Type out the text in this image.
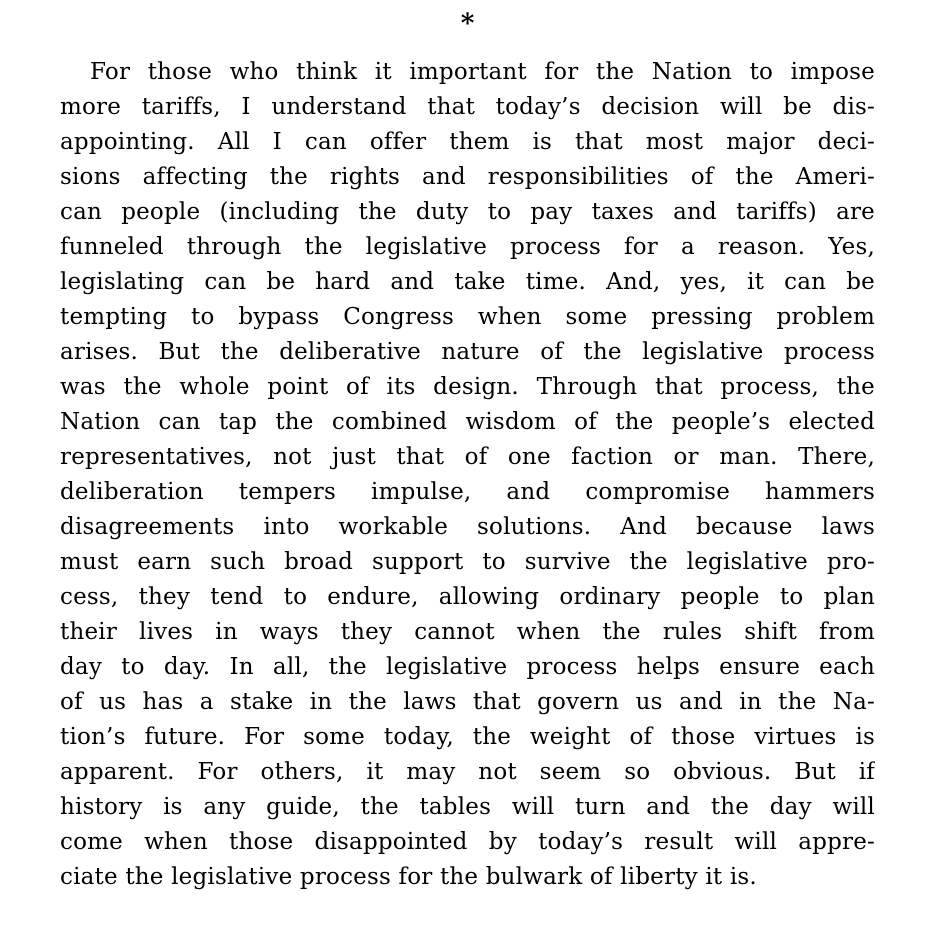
*
For those who think it important for the Nation to impose
more tariffs, I understand that today’s decision will be dis-
appointing. All I can offer them is that most major deci-
sions affecting the rights and responsibilities of the Ameri-
can people (including the duty to pay taxes and tariffs) are
funneled through the legislative process for a reason. Yes,
legislating can be hard and take time. And, yes, it can be
tempting to bypass Congress when some pressing problem
arises. But the deliberative nature of the legislative process
was the whole point of its design. Through that process, the
Nation can tap the combined wisdom of the people’s elected
representatives, not just that of one faction or man. There,
deliberation tempers impulse, and compromise hammers
disagreements into workable solutions. And because laws
must earn such broad support to survive the legislative pro-
cess, they tend to endure, allowing ordinary people to plan
their lives in ways they cannot when the rules shift from
day to day. In all, the legislative process helps ensure each
of us has a stake in the laws that govern us and in the Na-
tion’s future. For some today, the weight of those virtues is
apparent. For others, it may not seem so obvious. But if
history is any guide, the tables will turn and the day will
come when those disappointed by today’s result will appre-
ciate the legislative process for the bulwark of liberty it is.
